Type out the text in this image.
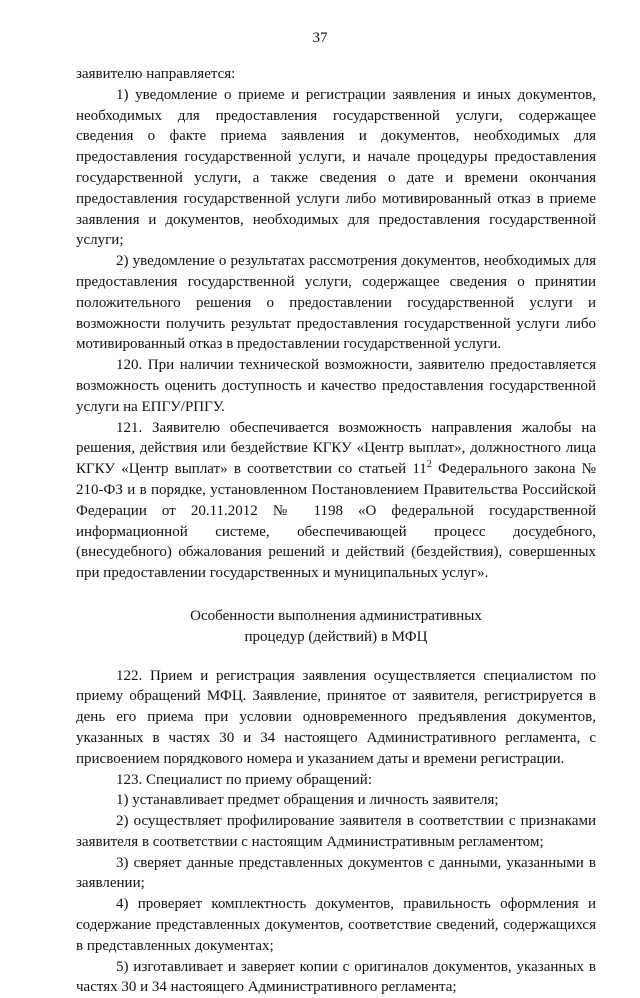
37

заявителю направляется:

1) уведомление о приеме и регистрации заявления и иных документов, необходимых для предоставления государственной услуги, содержащее сведения о факте приема заявления и документов, необходимых для предоставления государственной услуги, и начале процедуры предоставления государственной услуги, а также сведения о дате и времени окончания предоставления государственной услуги либо мотивированный отказ в приеме заявления и документов, необходимых для предоставления государственной услуги;

2) уведомление о результатах рассмотрения документов, необходимых для предоставления государственной услуги, содержащее сведения о принятии положительного решения о предоставлении государственной услуги и возможности получить результат предоставления государственной услуги либо мотивированный отказ в предоставлении государственной услуги.

120. При наличии технической возможности, заявителю предоставляется возможность оценить доступность и качество предоставления государственной услуги на ЕПГУ/РПГУ.

121. Заявителю обеспечивается возможность направления жалобы на решения, действия или бездействие КГКУ «Центр выплат», должностного лица КГКУ «Центр выплат» в соответствии со статьей $11^2$ Федерального закона № 210-ФЗ и в порядке, установленном Постановлением Правительства Российской Федерации от 20.11.2012 № 1198 «О федеральной государственной информационной системе, обеспечивающей процесс досудебного, (внесудебного) обжалования решений и действий (бездействия), совершенных при предоставлении государственных и муниципальных услуг».

Особенности выполнения административных
процедур (действий) в МФЦ

122. Прием и регистрация заявления осуществляется специалистом по приему обращений МФЦ. Заявление, принятое от заявителя, регистрируется в день его приема при условии одновременного предъявления документов, указанных в частях 30 и 34 настоящего Административного регламента, с присвоением порядкового номера и указанием даты и времени регистрации.

123. Специалист по приему обращений:

1) устанавливает предмет обращения и личность заявителя;

2) осуществляет профилирование заявителя в соответствии с признаками заявителя в соответствии с настоящим Административным регламентом;

3) сверяет данные представленных документов с данными, указанными в заявлении;

4) проверяет комплектность документов, правильность оформления и содержание представленных документов, соответствие сведений, содержащихся в представленных документах;

5) изготавливает и заверяет копии с оригиналов документов, указанных в частях 30 и 34 настоящего Административного регламента;
